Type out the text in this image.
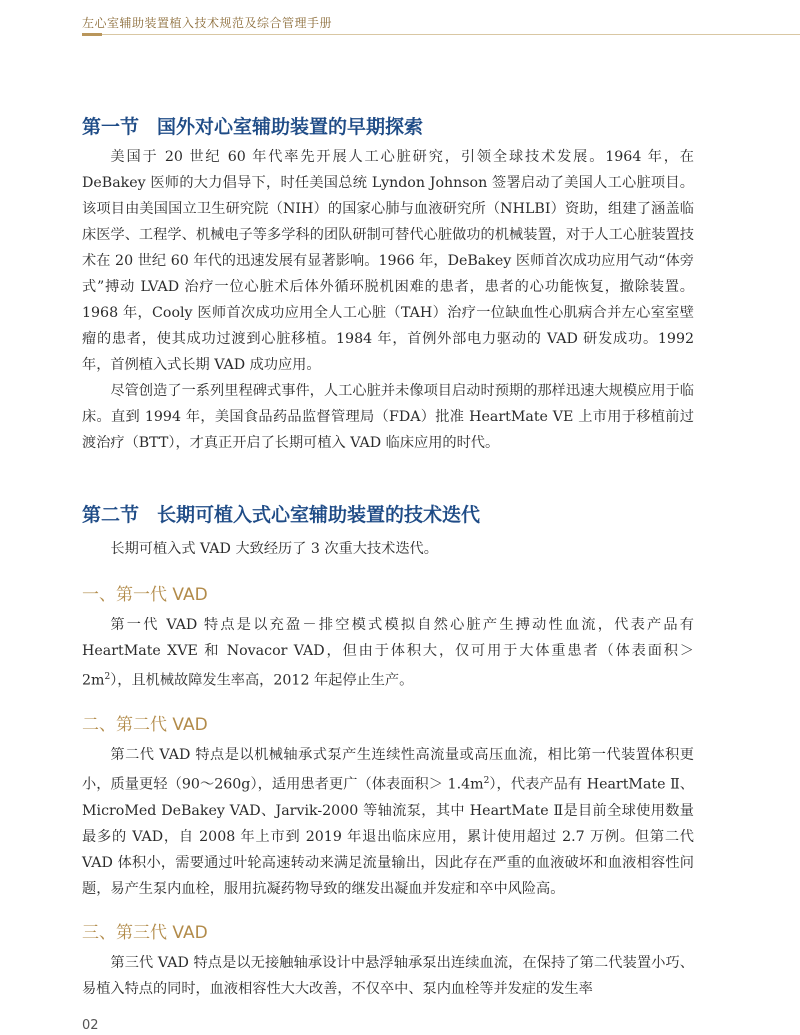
左心室辅助装置植入技术规范及综合管理手册
第一节 国外对心室辅助装置的早期探索

美国于 20 世纪 60 年代率先开展人工心脏研究，引领全球技术发展。1964 年，在 DeBakey 医师的大力倡导下，时任美国总统 Lyndon Johnson 签署启动了美国人工心脏项目。该项目由美国国立卫生研究院（NIH）的国家心肺与血液研究所（NHLBI）资助，组建了涵盖临床医学、工程学、机械电子等多学科的团队研制可替代心脏做功的机械装置，对于人工心脏装置技术在 20 世纪 60 年代的迅速发展有显著影响。1966 年，DeBakey 医师首次成功应用气动“体旁式”搏动 LVAD 治疗一位心脏术后体外循环脱机困难的患者，患者的心功能恢复，撤除装置。1968 年，Cooly 医师首次成功应用全人工心脏（TAH）治疗一位缺血性心肌病合并左心室室壁瘤的患者，使其成功过渡到心脏移植。1984 年，首例外部电力驱动的 VAD 研发成功。1992 年，首例植入式长期 VAD 成功应用。

尽管创造了一系列里程碑式事件，人工心脏并未像项目启动时预期的那样迅速大规模应用于临床。直到 1994 年，美国食品药品监督管理局（FDA）批准 HeartMate VE 上市用于移植前过渡治疗（BTT），才真正开启了长期可植入 VAD 临床应用的时代。

第二节 长期可植入式心室辅助装置的技术迭代

长期可植入式 VAD 大致经历了 3 次重大技术迭代。

一、第一代 VAD

第一代 VAD 特点是以充盈－排空模式模拟自然心脏产生搏动性血流，代表产品有 HeartMate XVE 和 Novacor VAD，但由于体积大，仅可用于大体重患者（体表面积＞ $2m^2$），且机械故障发生率高，2012 年起停止生产。

二、第二代 VAD

第二代 VAD 特点是以机械轴承式泵产生连续性高流量或高压血流，相比第一代装置体积更小，质量更轻（90～260g），适用患者更广（体表面积＞ $1.4m^2$），代表产品有 HeartMate Ⅱ、MicroMed DeBakey VAD、Jarvik-2000 等轴流泵，其中 HeartMate Ⅱ是目前全球使用数量最多的 VAD，自 2008 年上市到 2019 年退出临床应用，累计使用超过 2.7 万例。但第二代 VAD 体积小，需要通过叶轮高速转动来满足流量输出，因此存在严重的血液破坏和血液相容性问题，易产生泵内血栓，服用抗凝药物导致的继发出凝血并发症和卒中风险高。

三、第三代 VAD

第三代 VAD 特点是以无接触轴承设计中悬浮轴承泵出连续血流，在保持了第二代装置小巧、易植入特点的同时，血液相容性大大改善，不仅卒中、泵内血栓等并发症的发生率

02
